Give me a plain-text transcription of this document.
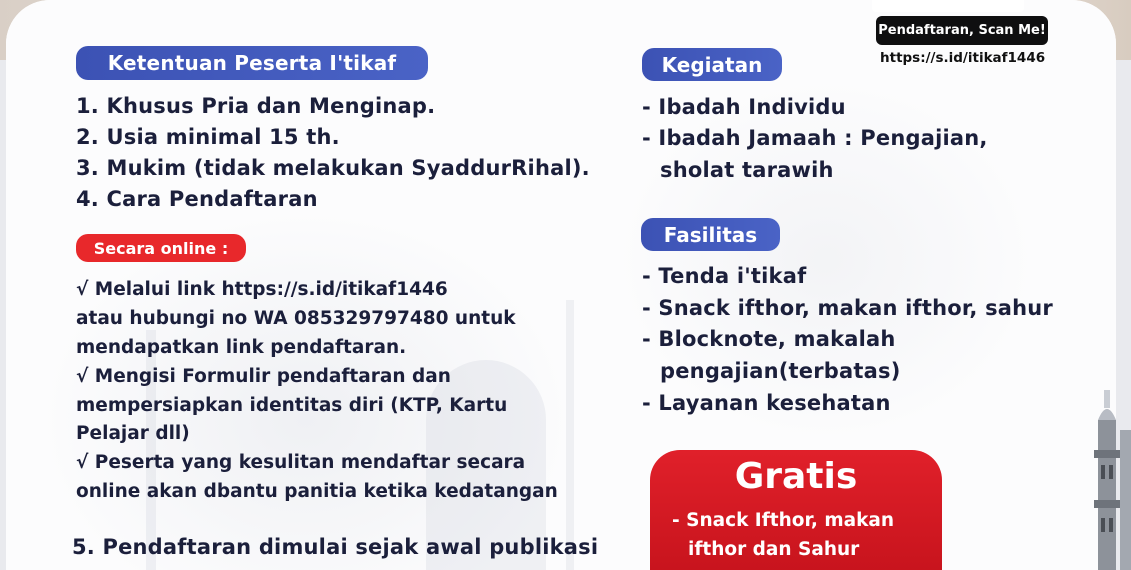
Pendaftaran, Scan Me!
https://s.id/itikaf1446
Ketentuan Peserta I'tikaf
1. Khusus Pria dan Menginap.
2. Usia minimal 15 th.
3. Mukim (tidak melakukan SyaddurRihal).
4. Cara Pendaftaran
Secara online :
√ Melalui link https://s.id/itikaf1446
atau hubungi no WA 085329797480 untuk
mendapatkan link pendaftaran.
√ Mengisi Formulir pendaftaran dan
mempersiapkan identitas diri (KTP, Kartu
Pelajar dll)
√ Peserta yang kesulitan mendaftar secara
online akan dbantu panitia ketika kedatangan
5. Pendaftaran dimulai sejak awal publikasi
Kegiatan
- Ibadah Individu
- Ibadah Jamaah : Pengajian,
sholat tarawih
Fasilitas
- Tenda i'tikaf
- Snack ifthor, makan ifthor, sahur
- Blocknote, makalah
pengajian(terbatas)
- Layanan kesehatan
Gratis
- Snack Ifthor, makan
ifthor dan Sahur
